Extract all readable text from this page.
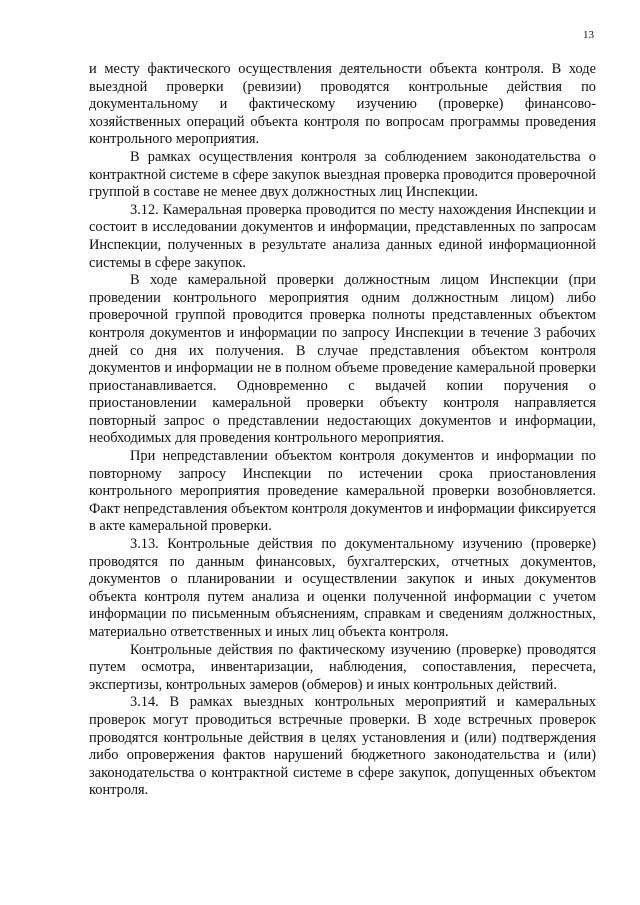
13

и месту фактического осуществления деятельности объекта контроля. В ходе выездной проверки (ревизии) проводятся контрольные действия по документальному и фактическому изучению (проверке) финансово-хозяйственных операций объекта контроля по вопросам программы проведения контрольного мероприятия.

В рамках осуществления контроля за соблюдением законодательства о контрактной системе в сфере закупок выездная проверка проводится проверочной группой в составе не менее двух должностных лиц Инспекции.

3.12. Камеральная проверка проводится по месту нахождения Инспекции и состоит в исследовании документов и информации, представленных по запросам Инспекции, полученных в результате анализа данных единой информационной системы в сфере закупок.

В ходе камеральной проверки должностным лицом Инспекции (при проведении контрольного мероприятия одним должностным лицом) либо проверочной группой проводится проверка полноты представленных объектом контроля документов и информации по запросу Инспекции в течение 3 рабочих дней со дня их получения. В случае представления объектом контроля документов и информации не в полном объеме проведение камеральной проверки приостанавливается. Одновременно с выдачей копии поручения о приостановлении камеральной проверки объекту контроля направляется повторный запрос о представлении недостающих документов и информации, необходимых для проведения контрольного мероприятия.

При непредставлении объектом контроля документов и информации по повторному запросу Инспекции по истечении срока приостановления контрольного мероприятия проведение камеральной проверки возобновляется. Факт непредставления объектом контроля документов и информации фиксируется в акте камеральной проверки.

3.13. Контрольные действия по документальному изучению (проверке) проводятся по данным финансовых, бухгалтерских, отчетных документов, документов о планировании и осуществлении закупок и иных документов объекта контроля путем анализа и оценки полученной информации с учетом информации по письменным объяснениям, справкам и сведениям должностных, материально ответственных и иных лиц объекта контроля.

Контрольные действия по фактическому изучению (проверке) проводятся путем осмотра, инвентаризации, наблюдения, сопоставления, пересчета, экспертизы, контрольных замеров (обмеров) и иных контрольных действий.

3.14. В рамках выездных контрольных мероприятий и камеральных проверок могут проводиться встречные проверки. В ходе встречных проверок проводятся контрольные действия в целях установления и (или) подтверждения либо опровержения фактов нарушений бюджетного законодательства и (или) законодательства о контрактной системе в сфере закупок, допущенных объектом контроля.
